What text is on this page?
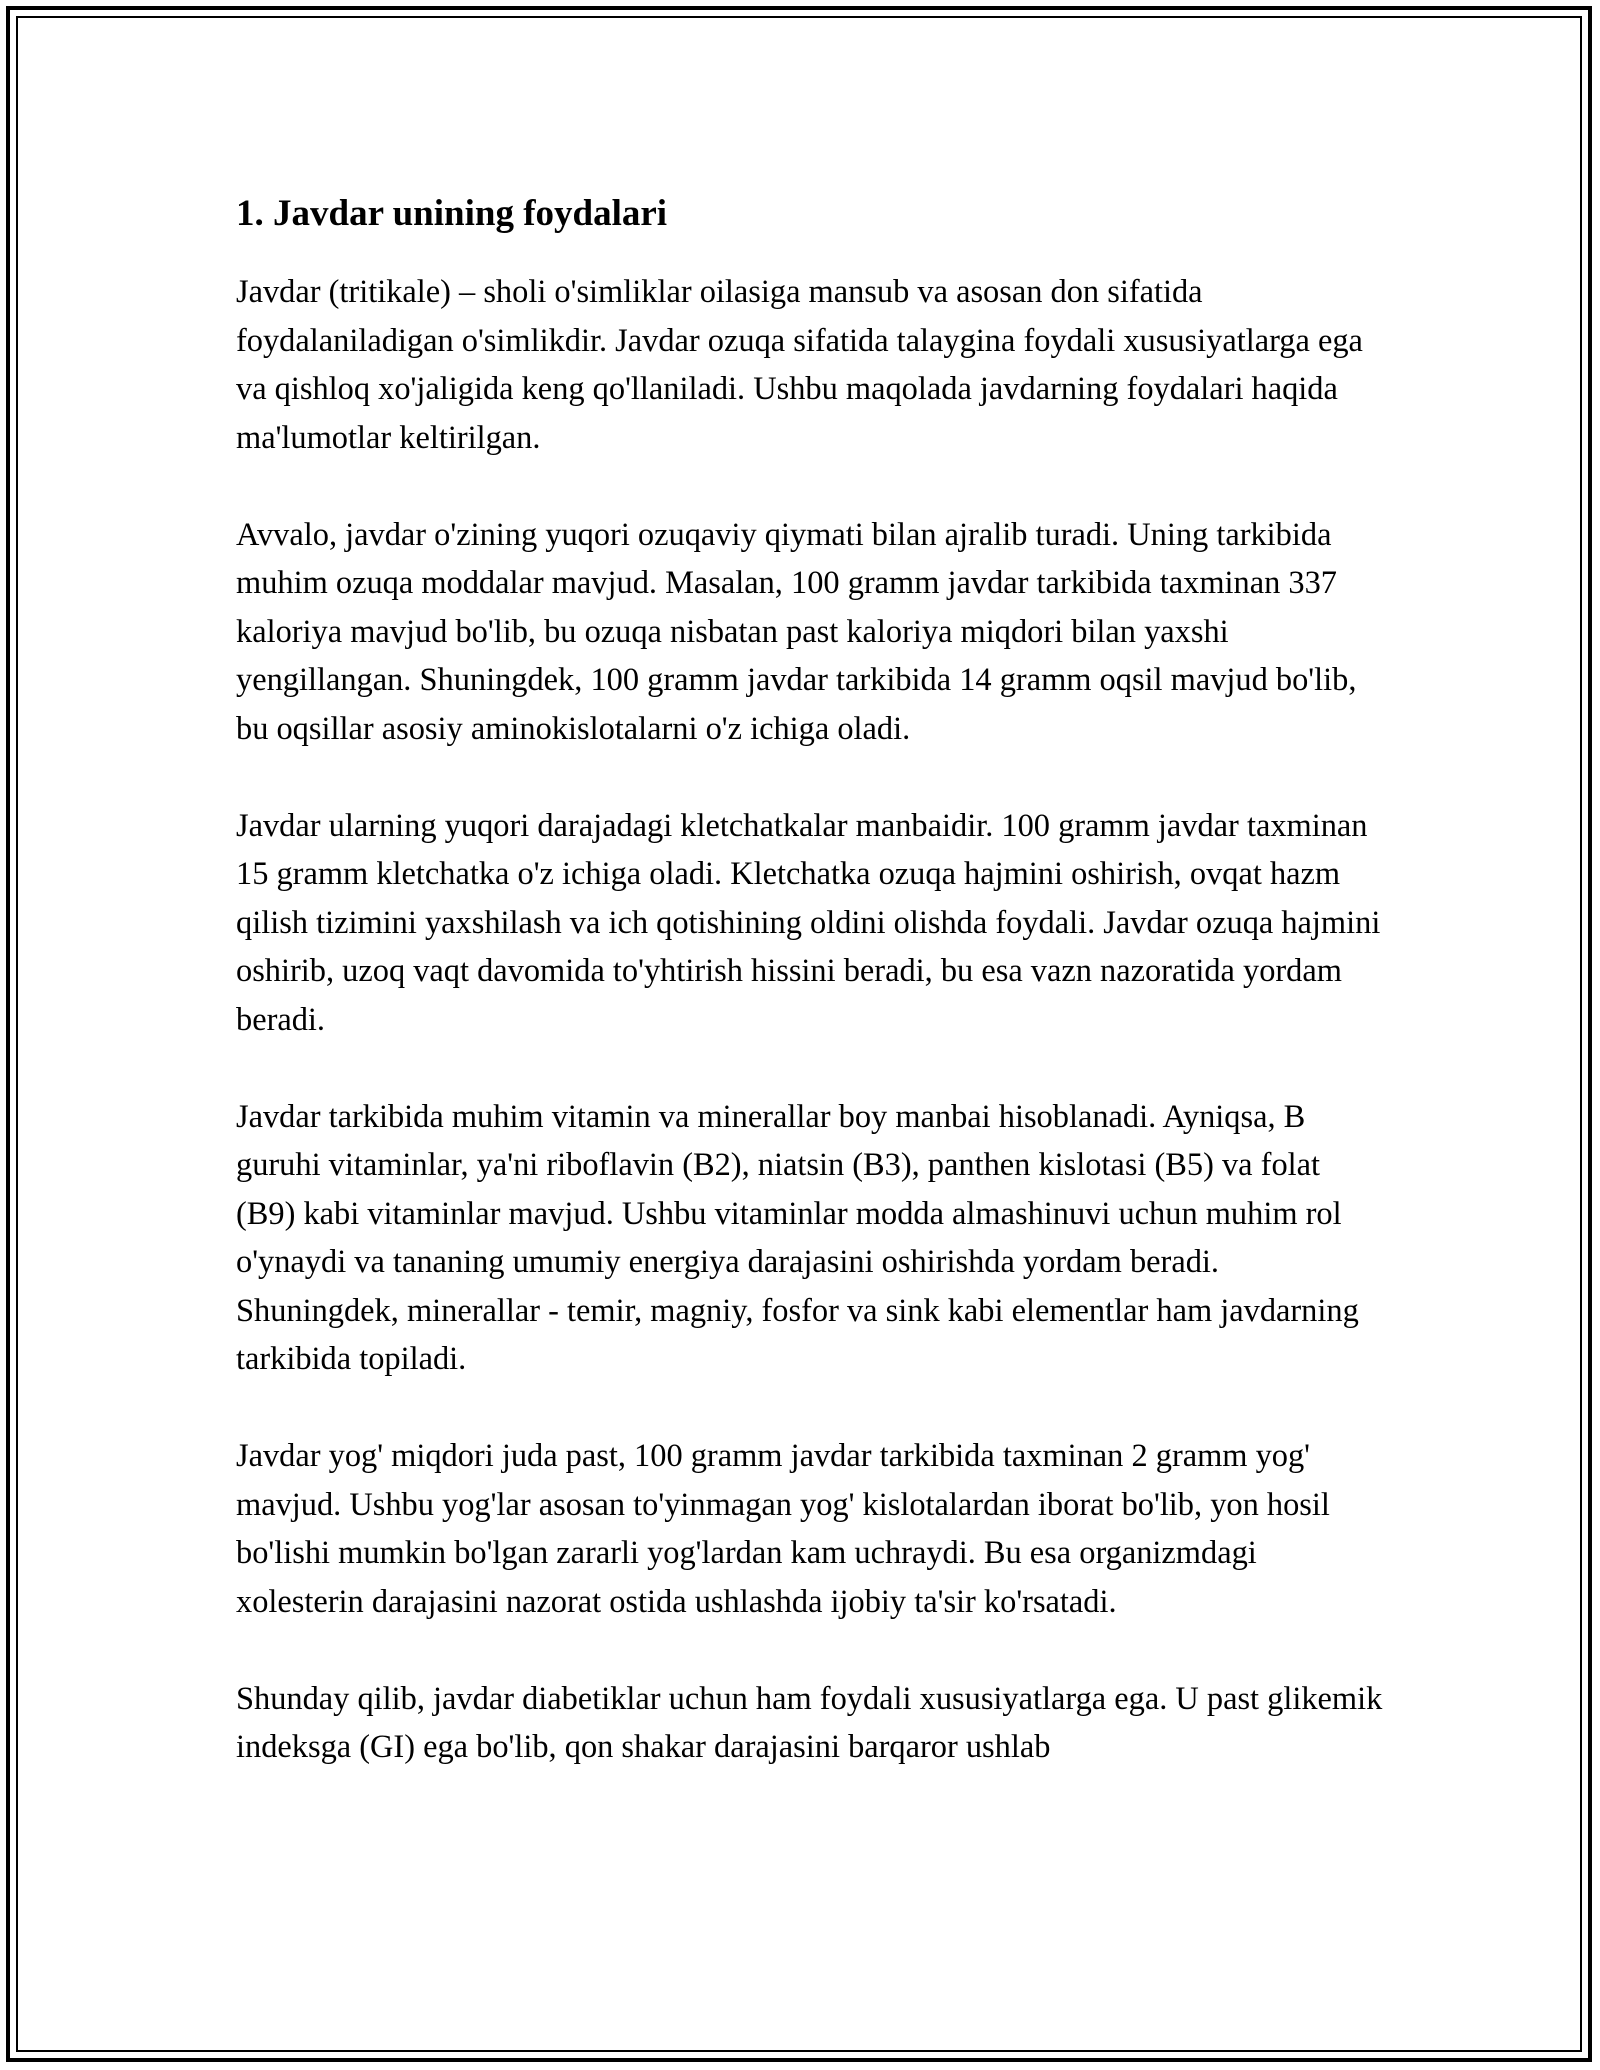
1. Javdar unining foydalari

Javdar (tritikale) – sholi o'simliklar oilasiga mansub va asosan don sifatida foydalaniladigan o'simlikdir. Javdar ozuqa sifatida talaygina foydali xususiyatlarga ega va qishloq xo'jaligida keng qo'llaniladi. Ushbu maqolada javdarning foydalari haqida ma'lumotlar keltirilgan.

Avvalo, javdar o'zining yuqori ozuqaviy qiymati bilan ajralib turadi. Uning tarkibida muhim ozuqa moddalar mavjud. Masalan, 100 gramm javdar tarkibida taxminan 337 kaloriya mavjud bo'lib, bu ozuqa nisbatan past kaloriya miqdori bilan yaxshi yengillangan. Shuningdek, 100 gramm javdar tarkibida 14 gramm oqsil mavjud bo'lib, bu oqsillar asosiy aminokislotalarni o'z ichiga oladi.

Javdar ularning yuqori darajadagi kletchatkalar manbaidir. 100 gramm javdar taxminan 15 gramm kletchatka o'z ichiga oladi. Kletchatka ozuqa hajmini oshirish, ovqat hazm qilish tizimini yaxshilash va ich qotishining oldini olishda foydali. Javdar ozuqa hajmini oshirib, uzoq vaqt davomida to'yhtirish hissini beradi, bu esa vazn nazoratida yordam beradi.

Javdar tarkibida muhim vitamin va minerallar boy manbai hisoblanadi. Ayniqsa, B guruhi vitaminlar, ya'ni riboflavin (B2), niatsin (B3), panthen kislotasi (B5) va folat (B9) kabi vitaminlar mavjud. Ushbu vitaminlar modda almashinuvi uchun muhim rol o'ynaydi va tananing umumiy energiya darajasini oshirishda yordam beradi. Shuningdek, minerallar - temir, magniy, fosfor va sink kabi elementlar ham javdarning tarkibida topiladi.

Javdar yog' miqdori juda past, 100 gramm javdar tarkibida taxminan 2 gramm yog' mavjud. Ushbu yog'lar asosan to'yinmagan yog' kislotalardan iborat bo'lib, yon hosil bo'lishi mumkin bo'lgan zararli yog'lardan kam uchraydi. Bu esa organizmdagi xolesterin darajasini nazorat ostida ushlashda ijobiy ta'sir ko'rsatadi.

Shunday qilib, javdar diabetiklar uchun ham foydali xususiyatlarga ega. U past glikemik indeksga (GI) ega bo'lib, qon shakar darajasini barqaror ushlab
